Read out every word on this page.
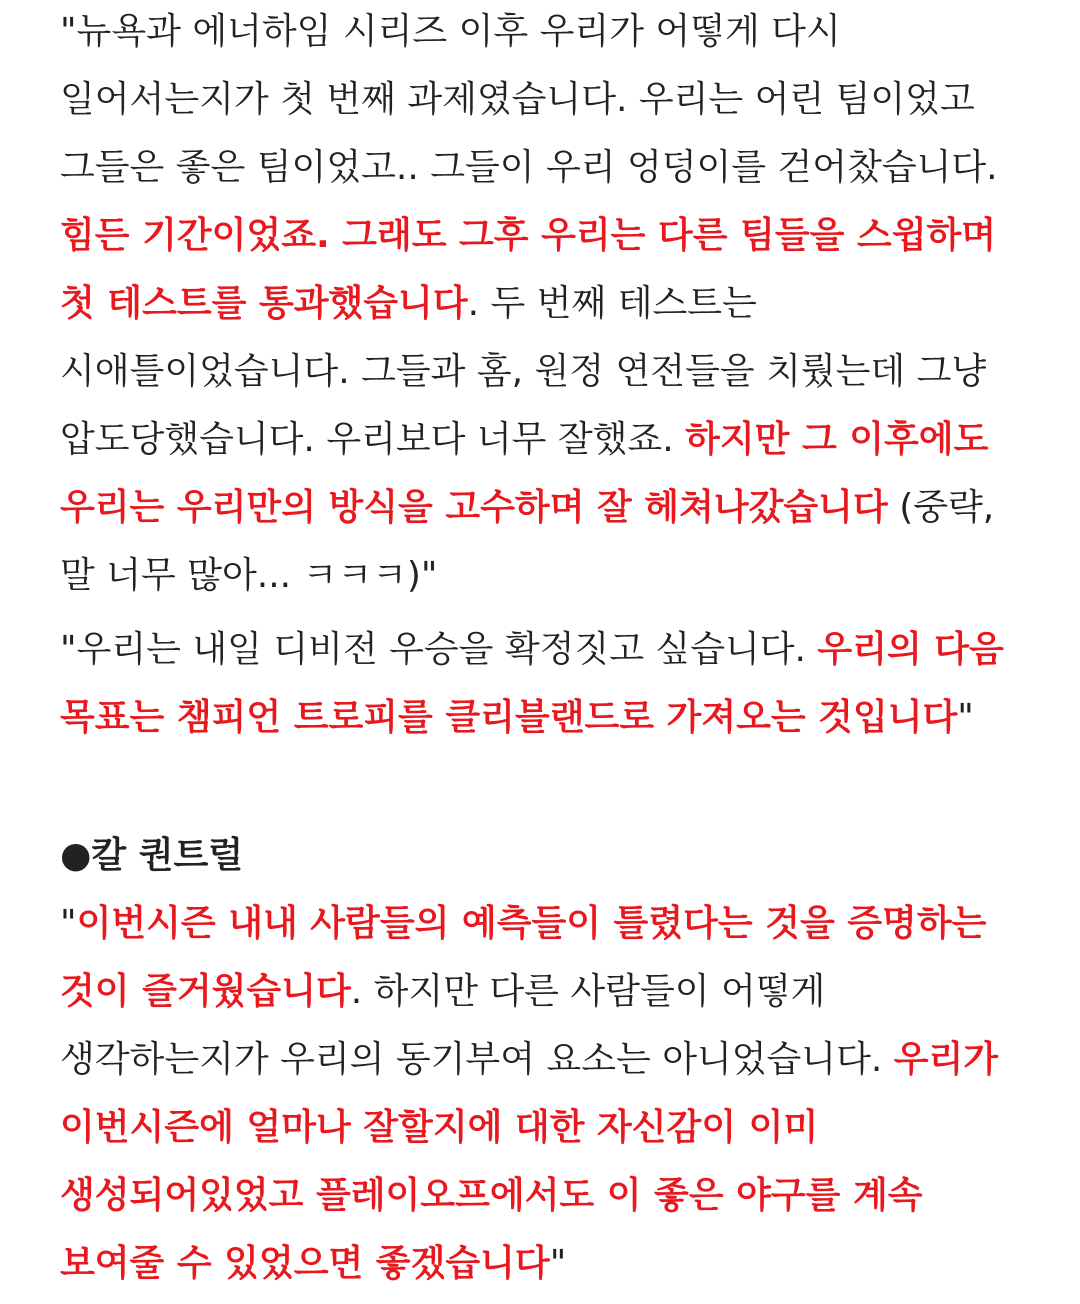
"뉴욕과 에너하임 시리즈 이후 우리가 어떻게 다시 일어서는지가 첫 번째 과제였습니다. 우리는 어린 팀이었고 그들은 좋은 팀이었고.. 그들이 우리 엉덩이를 걷어찼습니다. 힘든 기간이었죠. 그래도 그후 우리는 다른 팀들을 스윕하며 첫 테스트를 통과했습니다. 두 번째 테스트는 시애틀이었습니다. 그들과 홈, 원정 연전들을 치뤘는데 그냥 압도당했습니다. 우리보다 너무 잘했죠. 하지만 그 이후에도 우리는 우리만의 방식을 고수하며 잘 헤쳐나갔습니다 (중략, 말 너무 많아... ㅋㅋㅋ)"

"우리는 내일 디비전 우승을 확정짓고 싶습니다. 우리의 다음 목표는 챔피언 트로피를 클리블랜드로 가져오는 것입니다"

●칼 퀀트럴

"이번시즌 내내 사람들의 예측들이 틀렸다는 것을 증명하는 것이 즐거웠습니다. 하지만 다른 사람들이 어떻게 생각하는지가 우리의 동기부여 요소는 아니었습니다. 우리가 이번시즌에 얼마나 잘할지에 대한 자신감이 이미 생성되어있었고 플레이오프에서도 이 좋은 야구를 계속 보여줄 수 있었으면 좋겠습니다"
